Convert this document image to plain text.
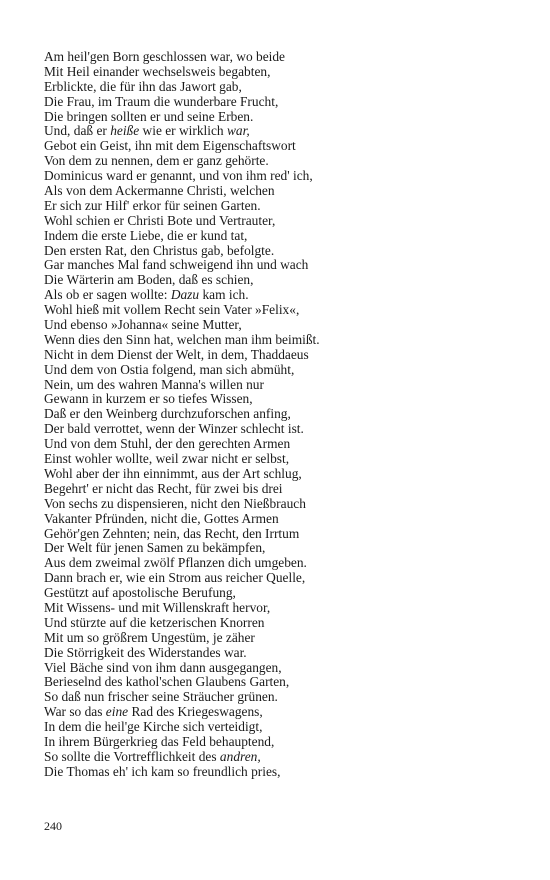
Am heil'gen Born geschlossen war, wo beide
Mit Heil einander wechselsweis begabten,
Erblickte, die für ihn das Jawort gab,
Die Frau, im Traum die wunderbare Frucht,
Die bringen sollten er und seine Erben.
Und, daß er heiße wie er wirklich war,
Gebot ein Geist, ihn mit dem Eigenschaftswort
Von dem zu nennen, dem er ganz gehörte.
Dominicus ward er genannt, und von ihm red' ich,
Als von dem Ackermanne Christi, welchen
Er sich zur Hilf' erkor für seinen Garten.
Wohl schien er Christi Bote und Vertrauter,
Indem die erste Liebe, die er kund tat,
Den ersten Rat, den Christus gab, befolgte.
Gar manches Mal fand schweigend ihn und wach
Die Wärterin am Boden, daß es schien,
Als ob er sagen wollte: Dazu kam ich.
Wohl hieß mit vollem Recht sein Vater »Felix«,
Und ebenso »Johanna« seine Mutter,
Wenn dies den Sinn hat, welchen man ihm beimißt.
Nicht in dem Dienst der Welt, in dem, Thaddaeus
Und dem von Ostia folgend, man sich abmüht,
Nein, um des wahren Manna's willen nur
Gewann in kurzem er so tiefes Wissen,
Daß er den Weinberg durchzuforschen anfing,
Der bald verrottet, wenn der Winzer schlecht ist.
Und von dem Stuhl, der den gerechten Armen
Einst wohler wollte, weil zwar nicht er selbst,
Wohl aber der ihn einnimmt, aus der Art schlug,
Begehrt' er nicht das Recht, für zwei bis drei
Von sechs zu dispensieren, nicht den Nießbrauch
Vakanter Pfründen, nicht die, Gottes Armen
Gehör'gen Zehnten; nein, das Recht, den Irrtum
Der Welt für jenen Samen zu bekämpfen,
Aus dem zweimal zwölf Pflanzen dich umgeben.
Dann brach er, wie ein Strom aus reicher Quelle,
Gestützt auf apostolische Berufung,
Mit Wissens- und mit Willenskraft hervor,
Und stürzte auf die ketzerischen Knorren
Mit um so größrem Ungestüm, je zäher
Die Störrigkeit des Widerstandes war.
Viel Bäche sind von ihm dann ausgegangen,
Berieselnd des kathol'schen Glaubens Garten,
So daß nun frischer seine Sträucher grünen.
War so das eine Rad des Kriegeswagens,
In dem die heil'ge Kirche sich verteidigt,
In ihrem Bürgerkrieg das Feld behauptend,
So sollte die Vortrefflichkeit des andren,
Die Thomas eh' ich kam so freundlich pries,
240
